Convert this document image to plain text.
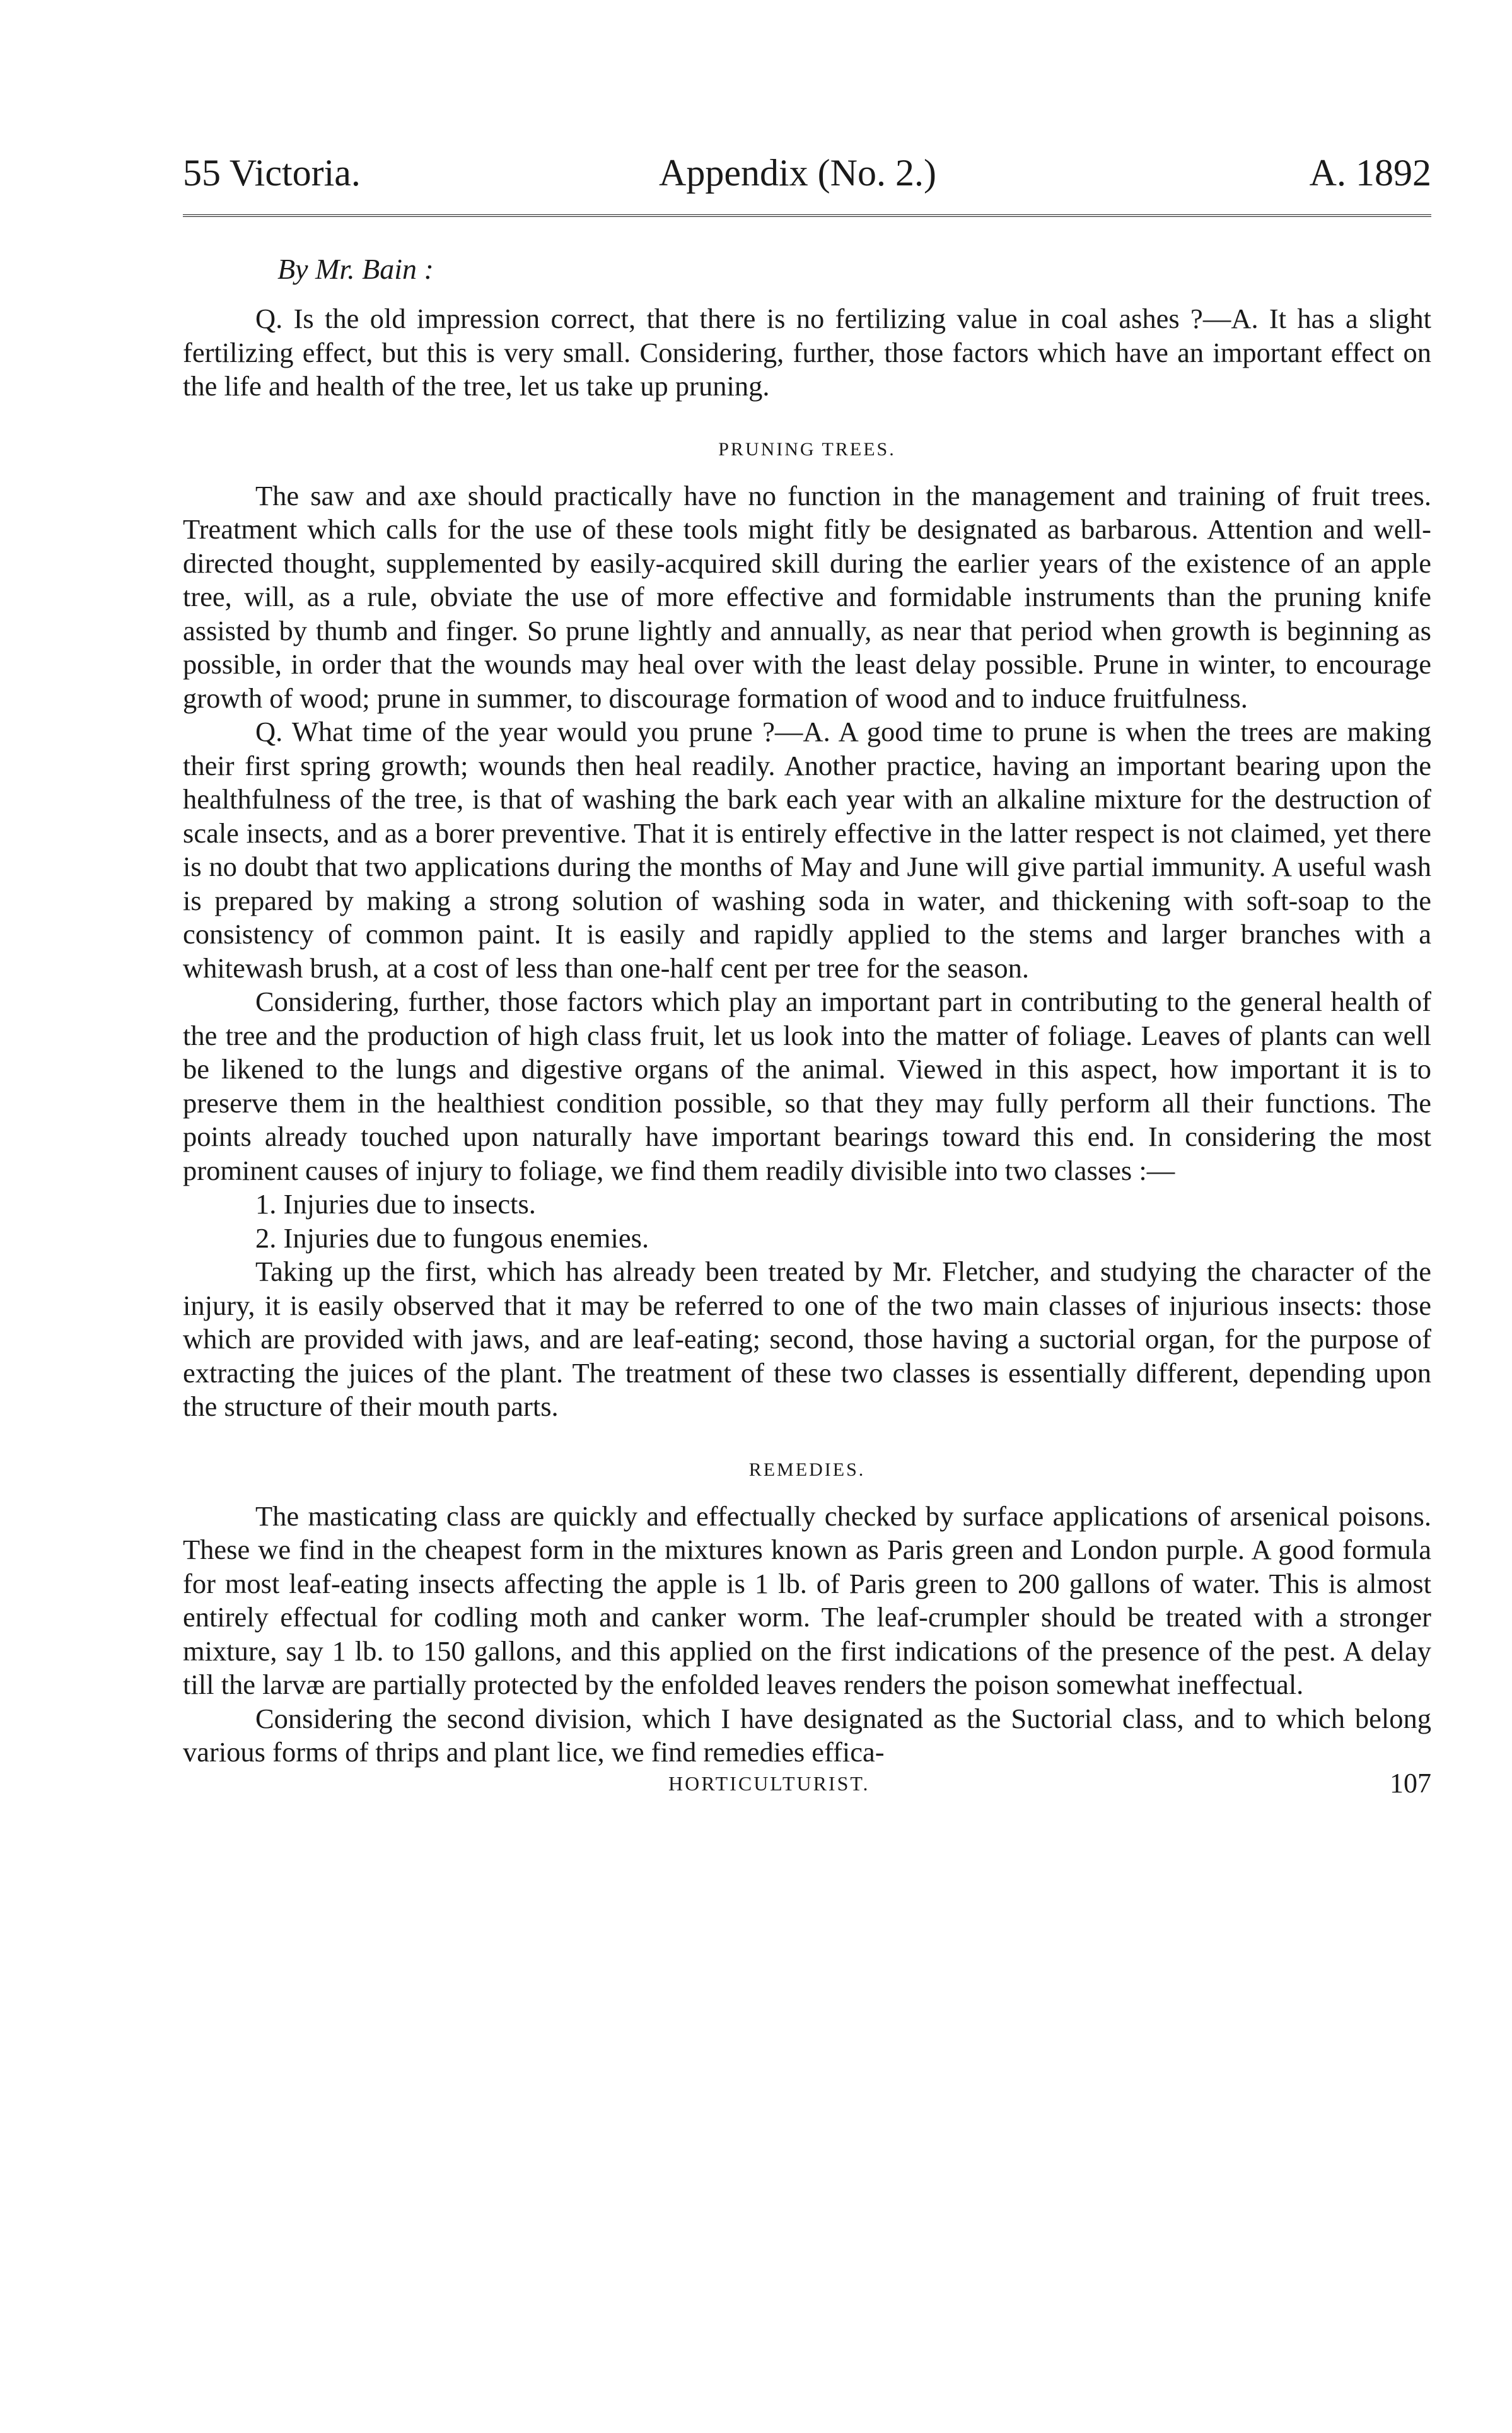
55 Victoria.	Appendix (No. 2.)	A. 1892
By Mr. Bain :

Q. Is the old impression correct, that there is no fertilizing value in coal ashes ?—A. It has a slight fertilizing effect, but this is very small. Considering, further, those factors which have an important effect on the life and health of the tree, let us take up pruning.

PRUNING TREES.

The saw and axe should practically have no function in the management and training of fruit trees. Treatment which calls for the use of these tools might fitly be designated as barbarous. Attention and well-directed thought, supplemented by easily-acquired skill during the earlier years of the existence of an apple tree, will, as a rule, obviate the use of more effective and formidable instruments than the pruning knife assisted by thumb and finger. So prune lightly and annually, as near that period when growth is beginning as possible, in order that the wounds may heal over with the least delay possible. Prune in winter, to encourage growth of wood; prune in summer, to discourage formation of wood and to induce fruitfulness.

Q. What time of the year would you prune ?—A. A good time to prune is when the trees are making their first spring growth; wounds then heal readily. Another practice, having an important bearing upon the healthfulness of the tree, is that of washing the bark each year with an alkaline mixture for the destruction of scale insects, and as a borer preventive. That it is entirely effective in the latter respect is not claimed, yet there is no doubt that two applications during the months of May and June will give partial immunity. A useful wash is prepared by making a strong solution of washing soda in water, and thickening with soft-soap to the consistency of common paint. It is easily and rapidly applied to the stems and larger branches with a whitewash brush, at a cost of less than one-half cent per tree for the season.

Considering, further, those factors which play an important part in contributing to the general health of the tree and the production of high class fruit, let us look into the matter of foliage. Leaves of plants can well be likened to the lungs and digestive organs of the animal. Viewed in this aspect, how important it is to preserve them in the healthiest condition possible, so that they may fully perform all their functions. The points already touched upon naturally have important bearings toward this end. In considering the most prominent causes of injury to foliage, we find them readily divisible into two classes :—

1. Injuries due to insects.

2. Injuries due to fungous enemies.

Taking up the first, which has already been treated by Mr. Fletcher, and studying the character of the injury, it is easily observed that it may be referred to one of the two main classes of injurious insects: those which are provided with jaws, and are leaf-eating; second, those having a suctorial organ, for the purpose of extracting the juices of the plant. The treatment of these two classes is essentially different, depending upon the structure of their mouth parts.

REMEDIES.

The masticating class are quickly and effectually checked by surface applications of arsenical poisons. These we find in the cheapest form in the mixtures known as Paris green and London purple. A good formula for most leaf-eating insects affecting the apple is 1 lb. of Paris green to 200 gallons of water. This is almost entirely effectual for codling moth and canker worm. The leaf-crumpler should be treated with a stronger mixture, say 1 lb. to 150 gallons, and this applied on the first indications of the presence of the pest. A delay till the larvæ are partially protected by the enfolded leaves renders the poison somewhat ineffectual.

Considering the second division, which I have designated as the Suctorial class, and to which belong various forms of thrips and plant lice, we find remedies effica-

HORTICULTURIST.	107
